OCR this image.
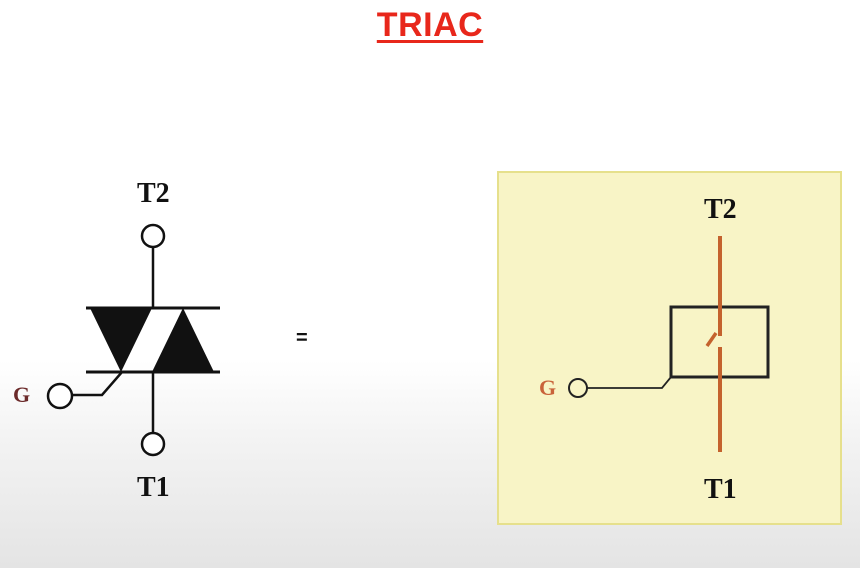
TRIAC
T2
T1
G
=
T2
T1
G
